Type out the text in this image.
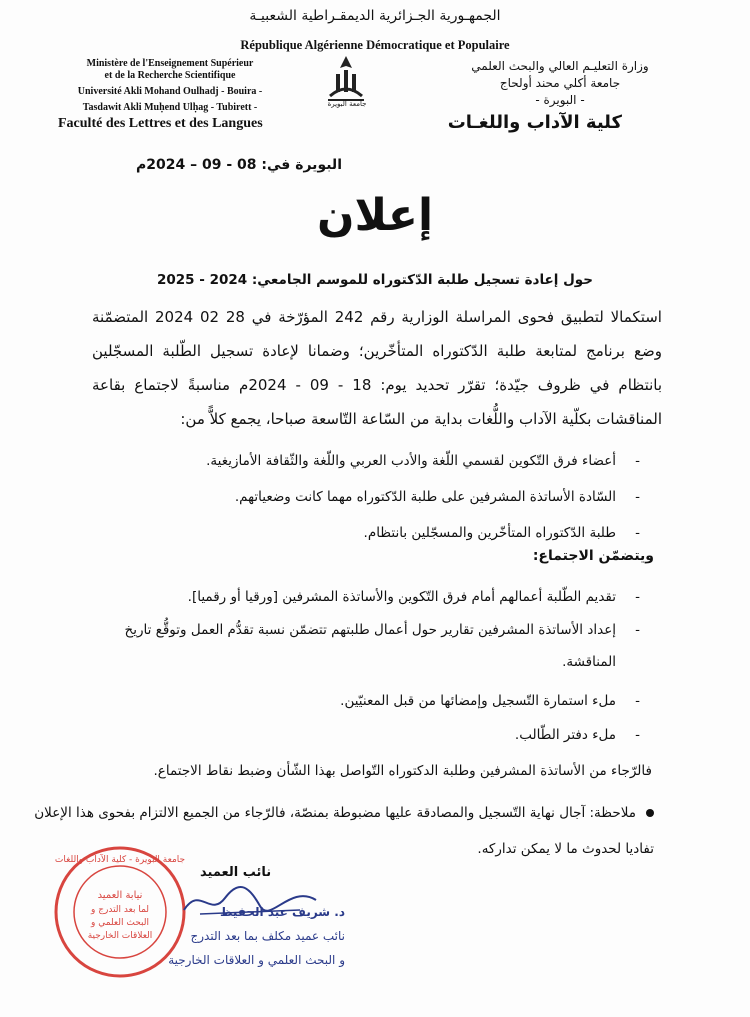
الجمهـورية الجـزائرية الديمقـراطية الشعبيـة
République Algérienne Démocratique et Populaire
Ministère de l'Enseignement Supérieur
et de la Recherche Scientifique
Université Akli Mohand Oulhadj - Bouira -
Tasdawit Akli Muḥend Ulḥag - Tubirett -
وزارة التعليـم العالي والبحث العلمي
جامعة أكلي محند أولحاج
- البويرة -
جامعة البويرة
Faculté des Lettres et des Langues	كلية الآداب واللغـات
البويرة في: 08 - 09 – 2024م
إعلان
حول إعادة تسجيل طلبة الدّكتوراه للموسم الجامعي: 2024 - 2025
استكمالا لتطبيق فحوى المراسلة الوزارية رقم 242 المؤرّخة في 28 02 2024 المتضمّنة وضع برنامج لمتابعة طلبة الدّكتوراه المتأخّرين؛ وضمانا لإعادة تسجيل الطّلبة المسجّلين بانتظام في ظروف جيّدة؛ تقرّر تحديد يوم: 18 - 09 - 2024م مناسبةً لاجتماع بقاعة المناقشات بكلّية الآداب واللُّغات بداية من السّاعة التّاسعة صباحا، يجمع كلاًّ من:
- أعضاء فرق التّكوين لقسمي اللّغة والأدب العربي واللّغة والثّقافة الأمازيغية.
- السّادة الأساتذة المشرفين على طلبة الدّكتوراه مهما كانت وضعياتهم.
- طلبة الدّكتوراه المتأخّرين والمسجّلين بانتظام.
ويتضمّن الاجتماع:
- تقديم الطّلبة أعمالهم أمام فرق التّكوين والأساتذة المشرفين [ورقيا أو رقميا].
- إعداد الأساتذة المشرفين تقارير حول أعمال طلبتهم تتضمّن نسبة تقدُّم العمل وتوقُّع تاريخ المناقشة.
- ملء استمارة التّسجيل وإمضائها من قبل المعنيّين.
- ملء دفتر الطّالب.
فالرّجاء من الأساتذة المشرفين وطلبة الدكتوراه التّواصل بهذا الشّأن وضبط نقاط الاجتماع.
ملاحظة: آجال نهاية التّسجيل والمصادقة عليها مضبوطة بمنصّة، فالرّجاء من الجميع الالتزام بفحوى هذا الإعلان تفاديا لحدوث ما لا يمكن تداركه.
نيابة العميد
لما بعد التدرج و
البحث العلمي و
العلاقات الخارجية
جامعة البويرة - كلية الآداب واللغات
نائب العميد
د. شريف عبد الحفيظ
نائب عميد مكلف بما بعد التدرج
و البحث العلمي و العلاقات الخارجية
